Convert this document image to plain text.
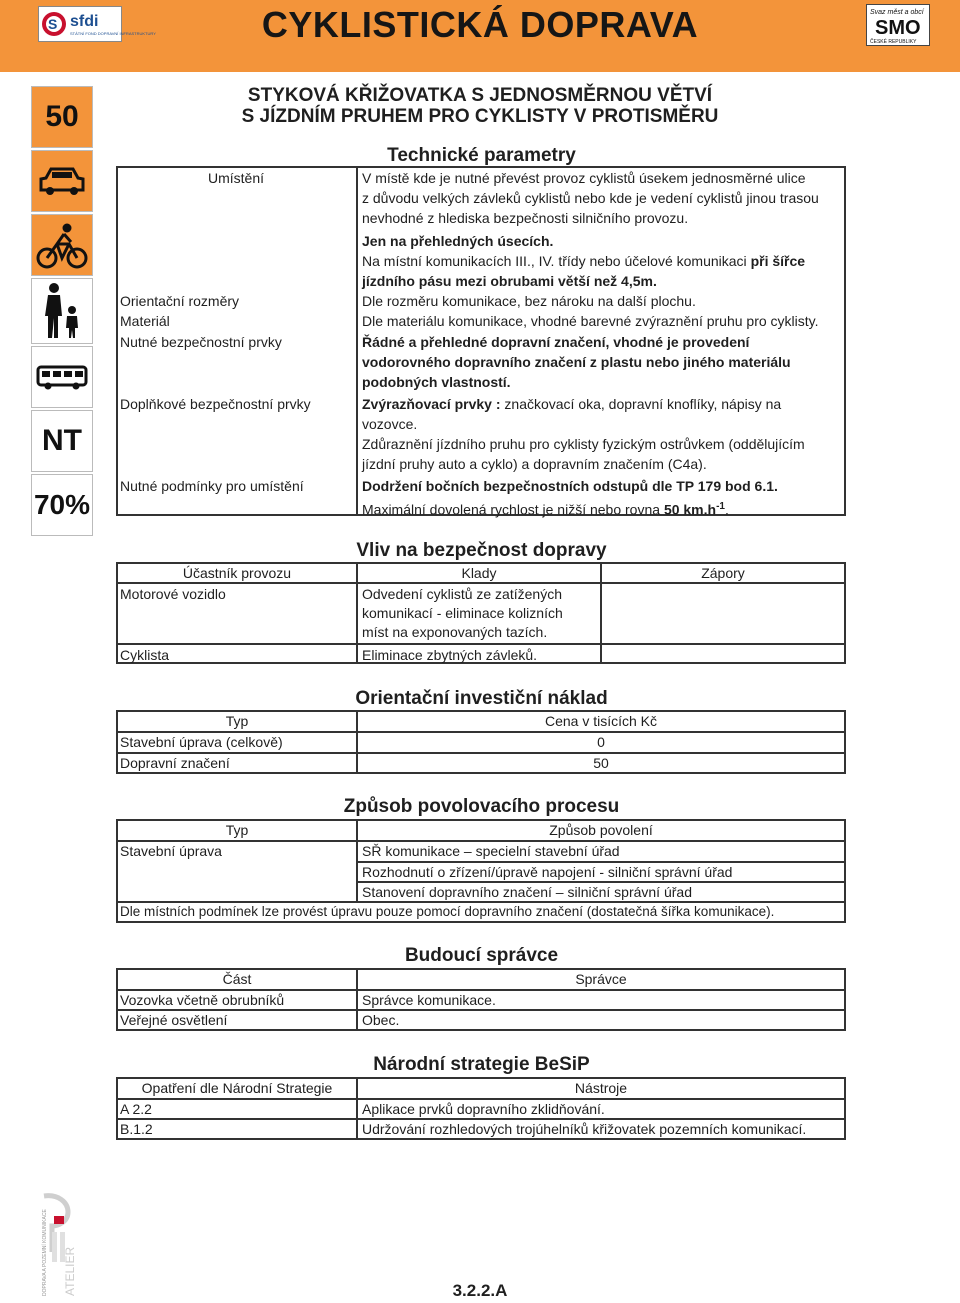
S sfdi
STÁTNÍ FOND DOPRAVNÍ INFRASTRUKTURY	CYKLISTICKÁ DOPRAVA	Svaz měst a obcí
SMO
ČESKÉ REPUBLIKY
50
NT
70%
STYKOVÁ KŘIŽOVATKA S JEDNOSMĚRNOU VĚTVÍ
S JÍZDNÍM PRUHEM PRO CYKLISTY V PROTISMĚRU
Technické parametry
Umístění	V místě kde je nutné převést provoz cyklistů úsekem jednosměrné ulice
z důvodu velkých závleků cyklistů nebo kde je vedení cyklistů jinou trasou
nevhodné z hlediska bezpečnosti silničního provozu.
Jen na přehledných úsecích.
Na místní komunikacích III., IV. třídy nebo účelové komunikaci při šířce
jízdního pásu mezi obrubami větší než 4,5m.
Orientační rozměry	Dle rozměru komunikace, bez nároku na další plochu.
Materiál	Dle materiálu komunikace, vhodné barevné zvýraznění pruhu pro cyklisty.
Nutné bezpečnostní prvky	Řádné a přehledné dopravní značení, vhodné je provedení
vodorovného dopravního značení z plastu nebo jiného materiálu
podobných vlastností.
Doplňkové bezpečnostní prvky	Zvýrazňovací prvky : značkovací oka, dopravní knoflíky, nápisy na
vozovce.
Zdůraznění jízdního pruhu pro cyklisty fyzickým ostrůvkem (oddělujícím
jízdní pruhy auto a cyklo) a dopravním značením (C4a).
Nutné podmínky pro umístění	Dodržení bočních bezpečnostních odstupů dle TP 179 bod 6.1.
Maximální dovolená rychlost je nižší nebo rovna 50 $km.h^{-1}$.
Vliv na bezpečnost dopravy
Účastník provozu	Klady	Zápory
Motorové vozidlo	Odvedení cyklistů ze zatížených
komunikací - eliminace kolizních
míst na exponovaných tazích.
Cyklista	Eliminace zbytných závleků.
Orientační investiční náklad
Typ	Cena v tisících Kč
Stavební úprava (celkově)	0
Dopravní značení	50
Způsob povolovacího procesu
Typ	Způsob povolení
Stavební úprava	SŘ komunikace – specielní stavební úřad
Rozhodnutí o zřízení/úpravě napojení - silniční správní úřad
Stanovení dopravního značení – silniční správní úřad
Dle místních podmínek lze provést úpravu pouze pomocí dopravního značení (dostatečná šířka komunikace).
Budoucí správce
Část	Správce
Vozovka včetně obrubníků	Správce komunikace.
Veřejné osvětlení	Obec.
Národní strategie BeSiP
Opatření dle Národní Strategie	Nástroje
A 2.2	Aplikace prvků dopravního zklidňování.
B.1.2	Udržování rozhledových trojúhelníků křižovatek pozemních komunikací.
DOPRAVA A POZEMNÍ KOMUNIKACE ATELIER	3.2.2.A
